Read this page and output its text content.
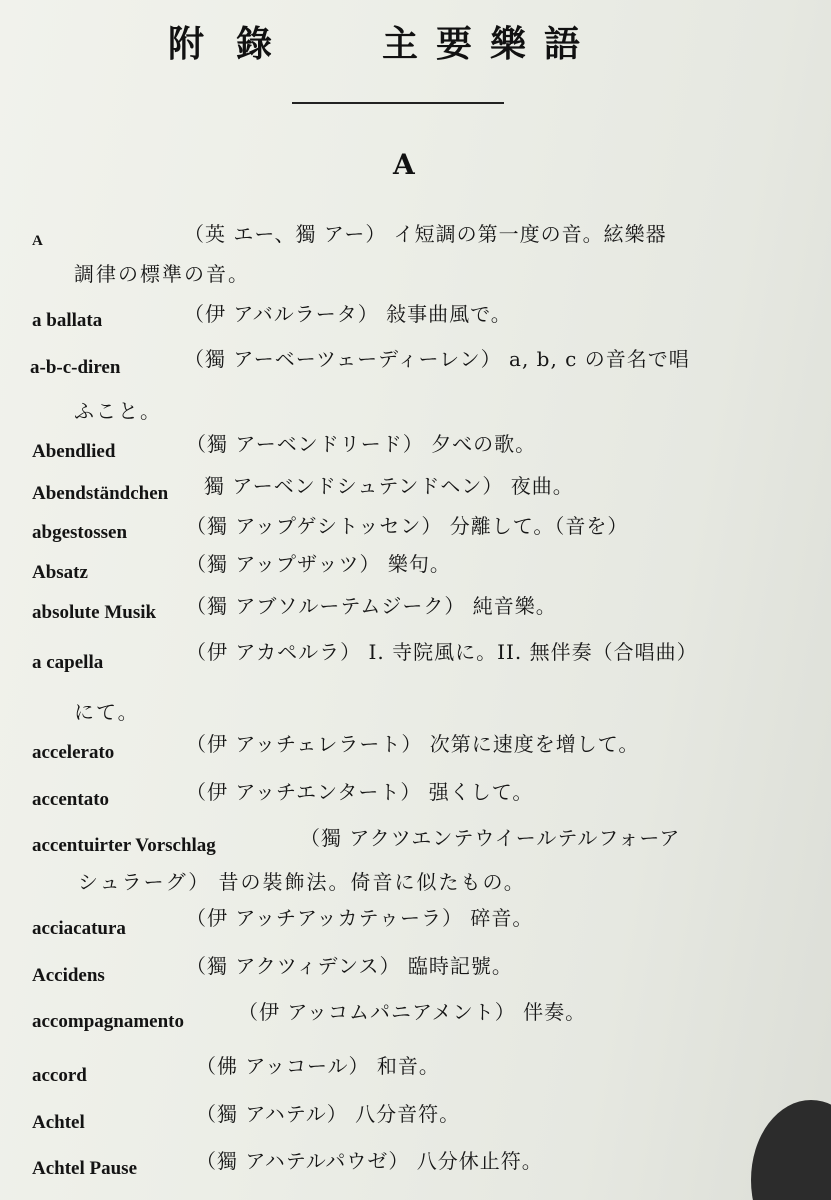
附錄 主要樂語
A
A	（英 エー、獨 アー） イ短調の第一度の音。絃樂器
調律の標準の音。
a ballata	（伊 アバルラータ） 敍事曲風で。
a-b-c-diren	（獨 アーベーツェーディーレン） a, b, c の音名で唱
ふこと。
Abendlied	（獨 アーベンドリード） 夕べの歌。
Abendständchen 獨 アーベンドシュテンドヘン） 夜曲。
abgestossen	（獨 アップゲシトッセン） 分離して。（音を）
Absatz	（獨 アップザッツ） 樂句。
absolute Musik （獨 アブソルーテムジーク） 純音樂。
a capella	（伊 アカペルラ） I. 寺院風に。II. 無伴奏（合唱曲）
にて。
accelerato	（伊 アッチェレラート） 次第に速度を增して。
accentato	（伊 アッチエンタート） 强くして。
accentuirter Vorschlag	（獨 アクツエンテウイールテルフォーア
シュラーグ） 昔の裝飾法。倚音に似たもの。
acciacatura	（伊 アッチアッカテゥーラ） 碎音。
Accidens	（獨 アクツィデンス） 臨時記號。
accompagnamento	（伊 アッコムパニアメント） 伴奏。
accord	（佛 アッコール） 和音。
Achtel	（獨 アハテル） 八分音符。
Achtel Pause	（獨 アハテルパウゼ） 八分休止符。
